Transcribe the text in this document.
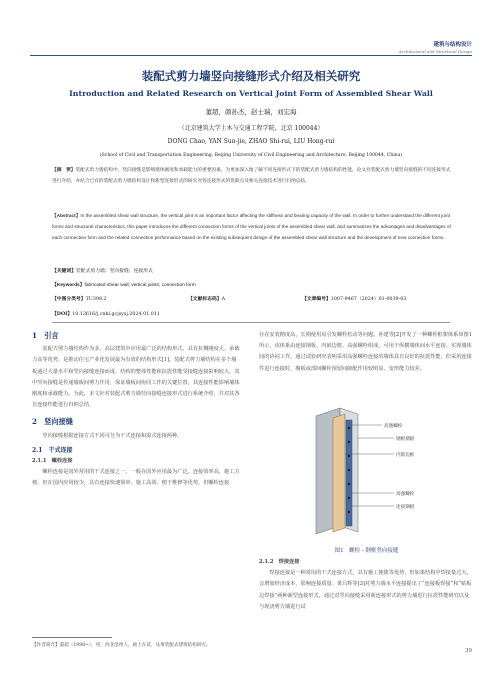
建筑与结构设计
Architectural and Structural Design
装配式剪力墙竖向接缝形式介绍及相关研究
Introduction and Related Research on Vertical Joint Form of Assembled Shear Wall
董超，颜孙杰，赵士瑞，刘宏海
（北京建筑大学土木与交通工程学院，北京 100044）
DONG Chao, YAN Sun-jie, ZHAO Shi-rui, LIU Hong-rui
(School of Civil and Transportation Engineering, Beijing University of Civil Engineering and Architecture, Beijing 100044, China)
【摘　要】装配式剪力墙结构中，竖向接缝是影响墙体刚度和承载能力的重要因素，为更加深入地了解不同连接形式下的装配式剪力墙结构的性能，论文对装配式剪力墙竖向接缝的不同连接形式进行介绍，并结合已有的装配式剪力墙结构设计和新型连接形式的研究对各连接形式的优缺点及相关连接技术进行归纳总结。
【Abstract】In the assembled shear wall structure, the vertical joint is an important factor affecting the stiffness and bearing capacity of the wall. In order to further understand the different joint forms and structural characteristics, this paper introduces the different connection forms of the vertical joints of the assembled shear wall, and summarizes the advantages and disadvantages of each connection form and the related connection performance based on the existing subsequent design of the assembled shear wall structure and the development of new connection forms.
【关键词】装配式剪力墙；竖向接缝；连接形式
【Keywords】fabricated shear wall; vertical joints; connection form
【中图分类号】TU398.2	【文献标志码】A	【文章编号】1007-9467（2024）01-0039-03
【DOI】10.13616/j.cnki.gcjsysj.2024.01.011
1　引言

装配式剪力墙结构作为多、高层建筑中应用最广泛的结构形式，具有抗侧刚度大、承载力高等优势，是推动住宅产业化发展最为有效的结构形式[1]。装配式剪力墙结构在多个墙板通过大量水平和竖向接缝连接而成，结构的整体性能和抗震性能受接缝连接影响较大。其中竖向接缝是传递墙板间剪力作用，保证墙板间协同工作的关键位置，其连接性能影响墙体刚度和承载能力。为此，本文针对装配式剪力墙竖向接缝连接形式进行系统介绍，并对其各自连接性能进行归纳总结。

2　竖向接缝

竖向接缝根据连接方式不同可分为干式连接和湿式连接两种。

2.1　干式连接
2.1.1　螺栓连接

螺栓连接是国外常用的干式连接之一，一般在国外应用最为广泛，连接效率高，施工方便，但在国内应用较少，具有连接快速简单、施工高效、便于维修等优势，但螺栓连接

【作者简介】董超（1998~），男，河北沧州人，硕士在读，从事装配式建筑结构研究。

存在安装精度高，长期使用易引发螺栓松动等问题。孙建等[2]开发了一种螺栓框架体系如图1所示，该体系由连接钢板、内嵌边框、高强螺栓组成，可用于纵横墙体间水平连接，实现墙体间的协同工作。通过试验研究表明采用高强螺栓连接的墙体具有良好的抗震性能，但采用连接件进行连接时，腹板或部间螺栓预留间隙配作用较明显，变形能力较差。

高强螺栓
钢板墙板
内嵌边框
高强螺栓
连接钢板
图1　螺栓 - 钢框竖向接缝
2.1.2　焊接连接

焊接连接是一种常用的干式连接方式，具有施工便捷等优势，但如果结构中焊接量过大，会增加经济成本，影响连接质量。黄吕辉等[3]对剪力墙水平连接提出了“连接板焊接”和“贴板边焊接”两种新型连接形式，通过对竖向接缝采用新连接形式的剪力墙进行抗震性能研究以及与现浇剪力墙进行试

39
